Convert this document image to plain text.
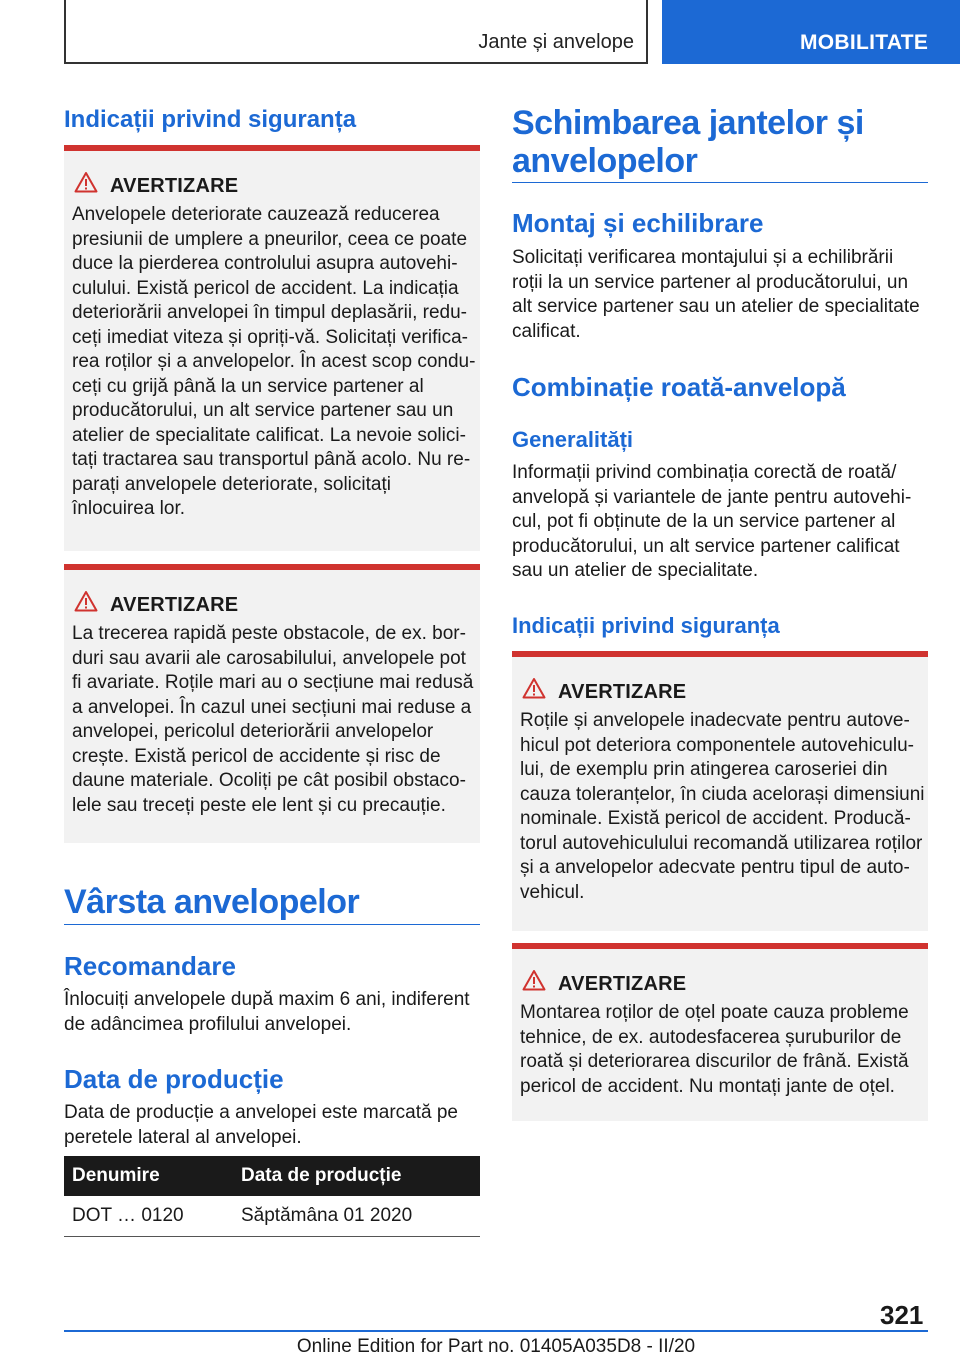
Jante și anvelope	MOBILITATE
Indicații privind siguranța
AVERTIZARE

Anvelopele deteriorate cauzează reducerea presiunii de umplere a pneurilor, ceea ce poate duce la pierderea controlului asupra autovehiculului. Există pericol de accident. La indicația deteriorării anvelopei în timpul deplasării, reduceți imediat viteza și opriți-vă. Solicitați verificarea roților și a anvelopelor. În acest scop conduceți cu grijă până la un service partener al producătorului, un alt service partener sau un atelier de specialitate calificat. La nevoie solicitați tractarea sau transportul până acolo. Nu reparați anvelopele deteriorate, solicitați înlocuirea lor.

AVERTIZARE

La trecerea rapidă peste obstacole, de ex. borduri sau avarii ale carosabilului, anvelopele pot fi avariate. Roțile mari au o secțiune mai redusă a anvelopei. În cazul unei secțiuni mai reduse a anvelopei, pericolul deteriorării anvelopelor crește. Există pericol de accidente și risc de daune materiale. Ocoliți pe cât posibil obstacolele sau treceți peste ele lent și cu precauție.

Vârsta anvelopelor
Recomandare

Înlocuiți anvelopele după maxim 6 ani, indiferent de adâncimea profilului anvelopei.

Data de producție

Data de producție a anvelopei este marcată pe peretele lateral al anvelopei.

Denumire	Data de producție
DOT … 0120	Săptămâna 01 2020
Schimbarea jantelor și anvelopelor
Montaj și echilibrare

Solicitați verificarea montajului și a echilibrării roții la un service partener al producătorului, un alt service partener sau un atelier de specialitate calificat.

Combinație roată-anvelopă
Generalități

Informații privind combinația corectă de roată/ anvelopă și variantele de jante pentru autovehicul, pot fi obținute de la un service partener al producătorului, un alt service partener calificat sau un atelier de specialitate.

Indicații privind siguranța
AVERTIZARE

Roțile și anvelopele inadecvate pentru autovehicul pot deteriora componentele autovehiculului, de exemplu prin atingerea caroseriei din cauza toleranțelor, în ciuda acelorași dimensiuni nominale. Există pericol de accident. Producătorul autovehiculului recomandă utilizarea roților și a anvelopelor adecvate pentru tipul de autovehicul.

AVERTIZARE

Montarea roților de oțel poate cauza probleme tehnice, de ex. autodesfacerea șuruburilor de roată și deteriorarea discurilor de frână. Există pericol de accident. Nu montați jante de oțel.

321
Online Edition for Part no. 01405A035D8 - II/20
